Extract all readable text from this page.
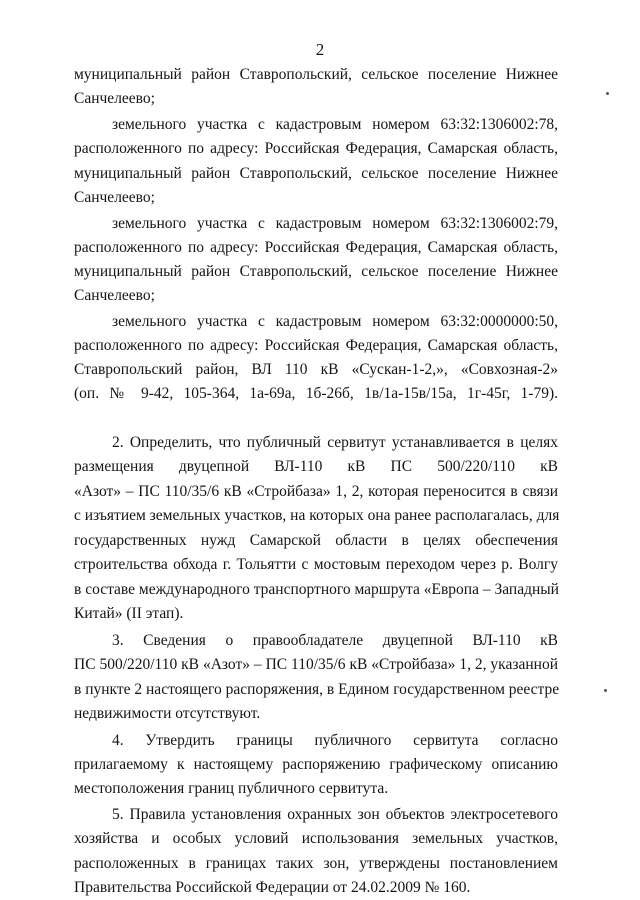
2
муниципальный район Ставропольский, сельское поселение Нижнее
Санчелеево;
земельного участка с кадастровым номером 63:32:1306002:78,
расположенного по адресу: Российская Федерация, Самарская область,
муниципальный район Ставропольский, сельское поселение Нижнее
Санчелеево;
земельного участка с кадастровым номером 63:32:1306002:79,
расположенного по адресу: Российская Федерация, Самарская область,
муниципальный район Ставропольский, сельское поселение Нижнее
Санчелеево;
земельного участка с кадастровым номером 63:32:0000000:50,
расположенного по адресу: Российская Федерация, Самарская область,
Ставропольский район, ВЛ 110 кВ «Сускан-1-2,», «Совхозная-2»
(оп. № 9-42, 105-364, 1а-69а, 1б-26б, 1в/1а-15в/15а, 1г-45г, 1-79).
2. Определить, что публичный сервитут устанавливается в целях
размещения двуцепной ВЛ-110 кВ ПС 500/220/110 кВ
«Азот» – ПС 110/35/6 кВ «Стройбаза» 1, 2, которая переносится в связи
с изъятием земельных участков, на которых она ранее располагалась, для
государственных нужд Самарской области в целях обеспечения
строительства обхода г. Тольятти с мостовым переходом через р. Волгу
в составе международного транспортного маршрута «Европа – Западный
Китай» (II этап).
3. Сведения о правообладателе двуцепной ВЛ-110 кВ
ПС 500/220/110 кВ «Азот» – ПС 110/35/6 кВ «Стройбаза» 1, 2, указанной
в пункте 2 настоящего распоряжения, в Едином государственном реестре
недвижимости отсутствуют.
4. Утвердить границы публичного сервитута согласно
прилагаемому к настоящему распоряжению графическому описанию
местоположения границ публичного сервитута.
5. Правила установления охранных зон объектов электросетевого
хозяйства и особых условий использования земельных участков,
расположенных в границах таких зон, утверждены постановлением
Правительства Российской Федерации от 24.02.2009 № 160.
